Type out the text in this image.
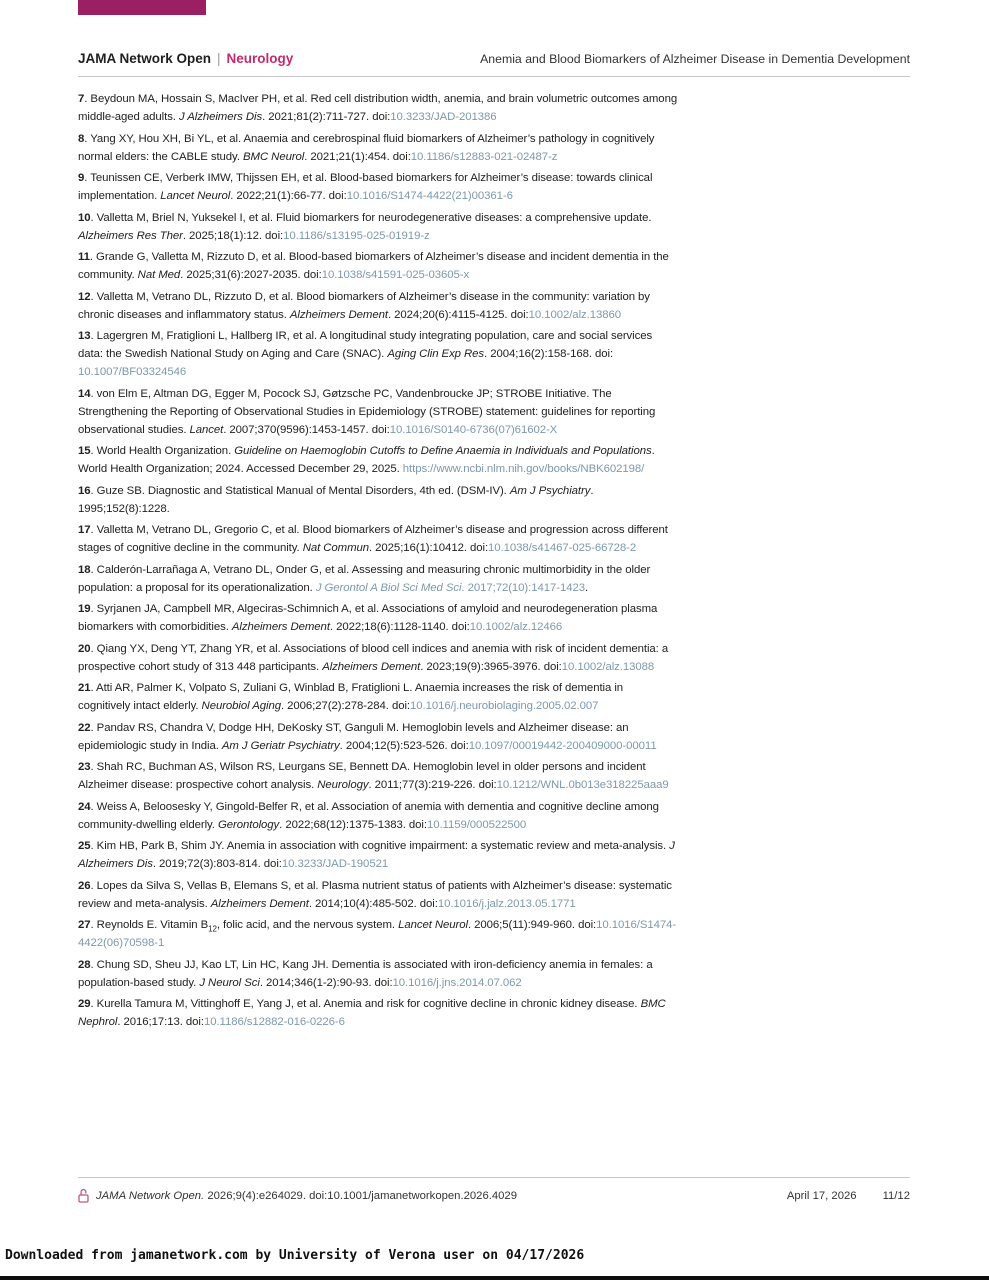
JAMA Network Open | Neurology	Anemia and Blood Biomarkers of Alzheimer Disease in Dementia Development

7. Beydoun MA, Hossain S, MacIver PH, et al. Red cell distribution width, anemia, and brain volumetric outcomes among middle-aged adults. J Alzheimers Dis. 2021;81(2):711-727. doi:10.3233/JAD-201386

8. Yang XY, Hou XH, Bi YL, et al. Anaemia and cerebrospinal fluid biomarkers of Alzheimer’s pathology in cognitively normal elders: the CABLE study. BMC Neurol. 2021;21(1):454. doi:10.1186/s12883-021-02487-z

9. Teunissen CE, Verberk IMW, Thijssen EH, et al. Blood-based biomarkers for Alzheimer’s disease: towards clinical implementation. Lancet Neurol. 2022;21(1):66-77. doi:10.1016/S1474-4422(21)00361-6

10. Valletta M, Briel N, Yuksekel I, et al. Fluid biomarkers for neurodegenerative diseases: a comprehensive update. Alzheimers Res Ther. 2025;18(1):12. doi:10.1186/s13195-025-01919-z

11. Grande G, Valletta M, Rizzuto D, et al. Blood-based biomarkers of Alzheimer’s disease and incident dementia in the community. Nat Med. 2025;31(6):2027-2035. doi:10.1038/s41591-025-03605-x

12. Valletta M, Vetrano DL, Rizzuto D, et al. Blood biomarkers of Alzheimer’s disease in the community: variation by chronic diseases and inflammatory status. Alzheimers Dement. 2024;20(6):4115-4125. doi:10.1002/alz.13860

13. Lagergren M, Fratiglioni L, Hallberg IR, et al. A longitudinal study integrating population, care and social services data: the Swedish National Study on Aging and Care (SNAC). Aging Clin Exp Res. 2004;16(2):158-168. doi: 10.1007/BF03324546

14. von Elm E, Altman DG, Egger M, Pocock SJ, Gøtzsche PC, Vandenbroucke JP; STROBE Initiative. The Strengthening the Reporting of Observational Studies in Epidemiology (STROBE) statement: guidelines for reporting observational studies. Lancet. 2007;370(9596):1453-1457. doi:10.1016/S0140-6736(07)61602-X

15. World Health Organization. Guideline on Haemoglobin Cutoffs to Define Anaemia in Individuals and Populations. World Health Organization; 2024. Accessed December 29, 2025. https://www.ncbi.nlm.nih.gov/books/NBK602198/

16. Guze SB. Diagnostic and Statistical Manual of Mental Disorders, 4th ed. (DSM-IV). Am J Psychiatry. 1995;152(8):1228.

17. Valletta M, Vetrano DL, Gregorio C, et al. Blood biomarkers of Alzheimer’s disease and progression across different stages of cognitive decline in the community. Nat Commun. 2025;16(1):10412. doi:10.1038/s41467-025-66728-2

18. Calderón-Larrañaga A, Vetrano DL, Onder G, et al. Assessing and measuring chronic multimorbidity in the older population: a proposal for its operationalization. J Gerontol A Biol Sci Med Sci. 2017;72(10):1417-1423.

19. Syrjanen JA, Campbell MR, Algeciras-Schimnich A, et al. Associations of amyloid and neurodegeneration plasma biomarkers with comorbidities. Alzheimers Dement. 2022;18(6):1128-1140. doi:10.1002/alz.12466

20. Qiang YX, Deng YT, Zhang YR, et al. Associations of blood cell indices and anemia with risk of incident dementia: a prospective cohort study of 313 448 participants. Alzheimers Dement. 2023;19(9):3965-3976. doi:10.1002/alz.13088

21. Atti AR, Palmer K, Volpato S, Zuliani G, Winblad B, Fratiglioni L. Anaemia increases the risk of dementia in cognitively intact elderly. Neurobiol Aging. 2006;27(2):278-284. doi:10.1016/j.neurobiolaging.2005.02.007

22. Pandav RS, Chandra V, Dodge HH, DeKosky ST, Ganguli M. Hemoglobin levels and Alzheimer disease: an epidemiologic study in India. Am J Geriatr Psychiatry. 2004;12(5):523-526. doi:10.1097/00019442-200409000-00011

23. Shah RC, Buchman AS, Wilson RS, Leurgans SE, Bennett DA. Hemoglobin level in older persons and incident Alzheimer disease: prospective cohort analysis. Neurology. 2011;77(3):219-226. doi:10.1212/WNL.0b013e318225aaa9

24. Weiss A, Beloosesky Y, Gingold-Belfer R, et al. Association of anemia with dementia and cognitive decline among community-dwelling elderly. Gerontology. 2022;68(12):1375-1383. doi:10.1159/000522500

25. Kim HB, Park B, Shim JY. Anemia in association with cognitive impairment: a systematic review and meta-analysis. J Alzheimers Dis. 2019;72(3):803-814. doi:10.3233/JAD-190521

26. Lopes da Silva S, Vellas B, Elemans S, et al. Plasma nutrient status of patients with Alzheimer’s disease: systematic review and meta-analysis. Alzheimers Dement. 2014;10(4):485-502. doi:10.1016/j.jalz.2013.05.1771

27. Reynolds E. Vitamin $B_{12}$, folic acid, and the nervous system. Lancet Neurol. 2006;5(11):949-960. doi:10.1016/S1474-4422(06)70598-1

28. Chung SD, Sheu JJ, Kao LT, Lin HC, Kang JH. Dementia is associated with iron-deficiency anemia in females: a population-based study. J Neurol Sci. 2014;346(1-2):90-93. doi:10.1016/j.jns.2014.07.062

29. Kurella Tamura M, Vittinghoff E, Yang J, et al. Anemia and risk for cognitive decline in chronic kidney disease. BMC Nephrol. 2016;17:13. doi:10.1186/s12882-016-0226-6

JAMA Network Open. 2026;9(4):e264029. doi:10.1001/jamanetworkopen.2026.4029	April 17, 2026 11/12
Downloaded from jamanetwork.com by University of Verona user on 04/17/2026
